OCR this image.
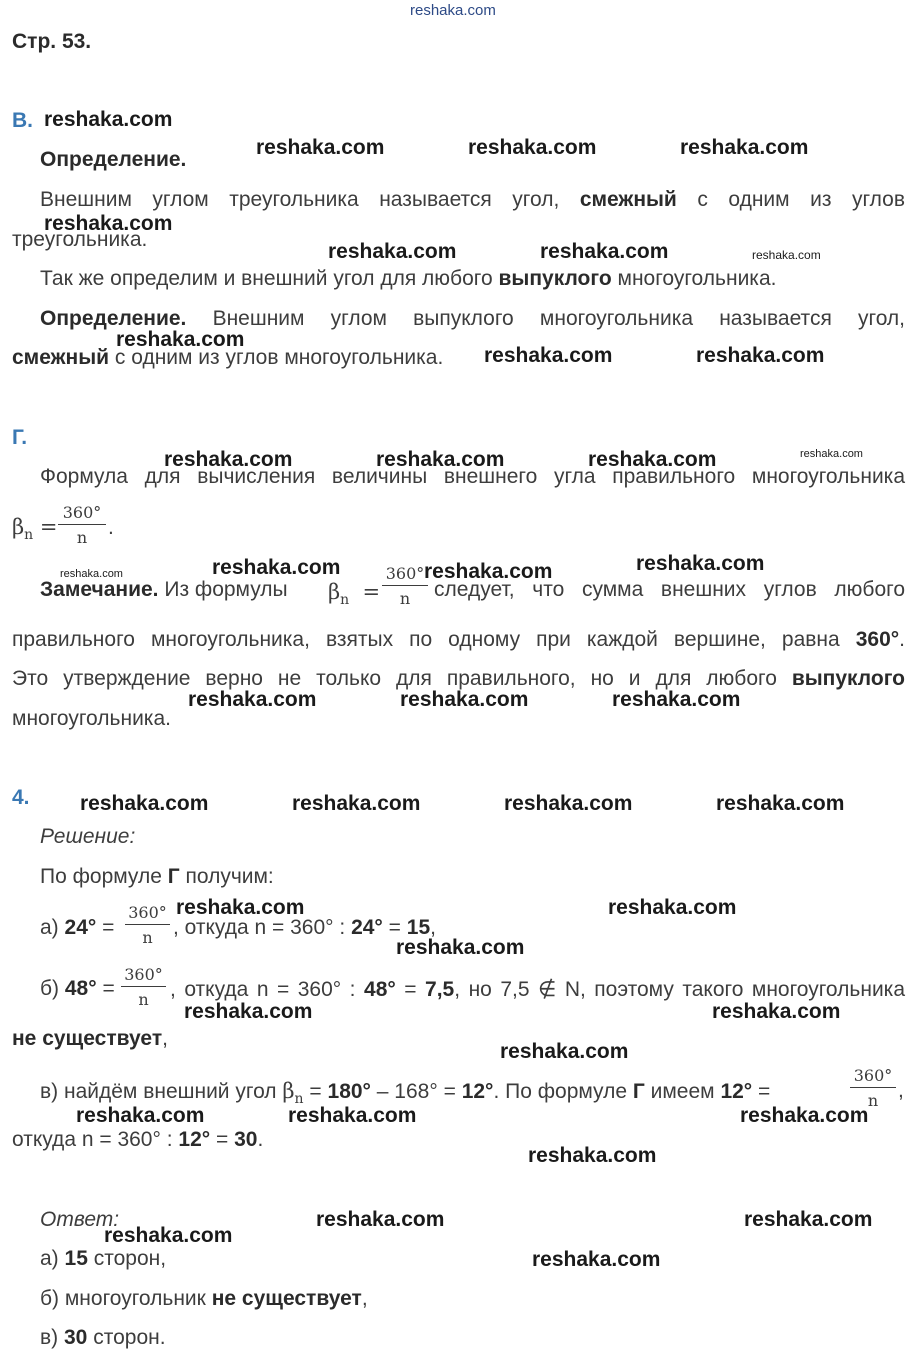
reshaka.com
Стр. 53.
В.
Определение.
Внешним углом треугольника называется угол, смежный с одним из углов
треугольника.
Так же определим и внешний угол для любого выпуклого многоугольника.
Определение. Внешним углом выпуклого многоугольника называется угол,
смежный с одним из углов многоугольника.
Г.
Формула для вычисления величины внешнего угла правильного многоугольника
$\beta_n$ =
360°
n .
Замечание. Из формулы $\beta_n$ =
360°
n	следует, что сумма внешних углов любого
правильного многоугольника, взятых по одному при каждой вершине, равна 360°.
Это утверждение верно не только для правильного, но и для любого выпуклого
многоугольника.
4.
Решение:
По формуле Г получим:
а) 24° =
360°
n , откуда n = 360° : 24° = 15,
б) 48° =
360°
n	, откуда n = 360° : 48° = 7,5, но 7,5 ∉ N, поэтому такого многоугольника
не существует,
в) найдём внешний угол $\beta_n = 180^\circ - 168^\circ = 12^\circ$. По формуле Г имеем 12° =
360°
n ,
откуда n = 360° : 12° = 30.
Ответ:
а) 15 сторон,
б) многоугольник не существует,
в) 30 сторон.
reshaka.com
reshaka.com	reshaka.com	reshaka.com
reshaka.com
reshaka.com	reshaka.com	reshaka.com
reshaka.com
reshaka.com	reshaka.com
reshaka.com	reshaka.com	reshaka.com	reshaka.com
reshaka.com	reshaka.com	reshaka.com
reshaka.com
reshaka.com	reshaka.com	reshaka.com
reshaka.com	reshaka.com	reshaka.com	reshaka.com
reshaka.com	reshaka.com
reshaka.com
reshaka.com	reshaka.com
reshaka.com
reshaka.com	reshaka.com	reshaka.com
reshaka.com
reshaka.com	reshaka.com
reshaka.com
reshaka.com
